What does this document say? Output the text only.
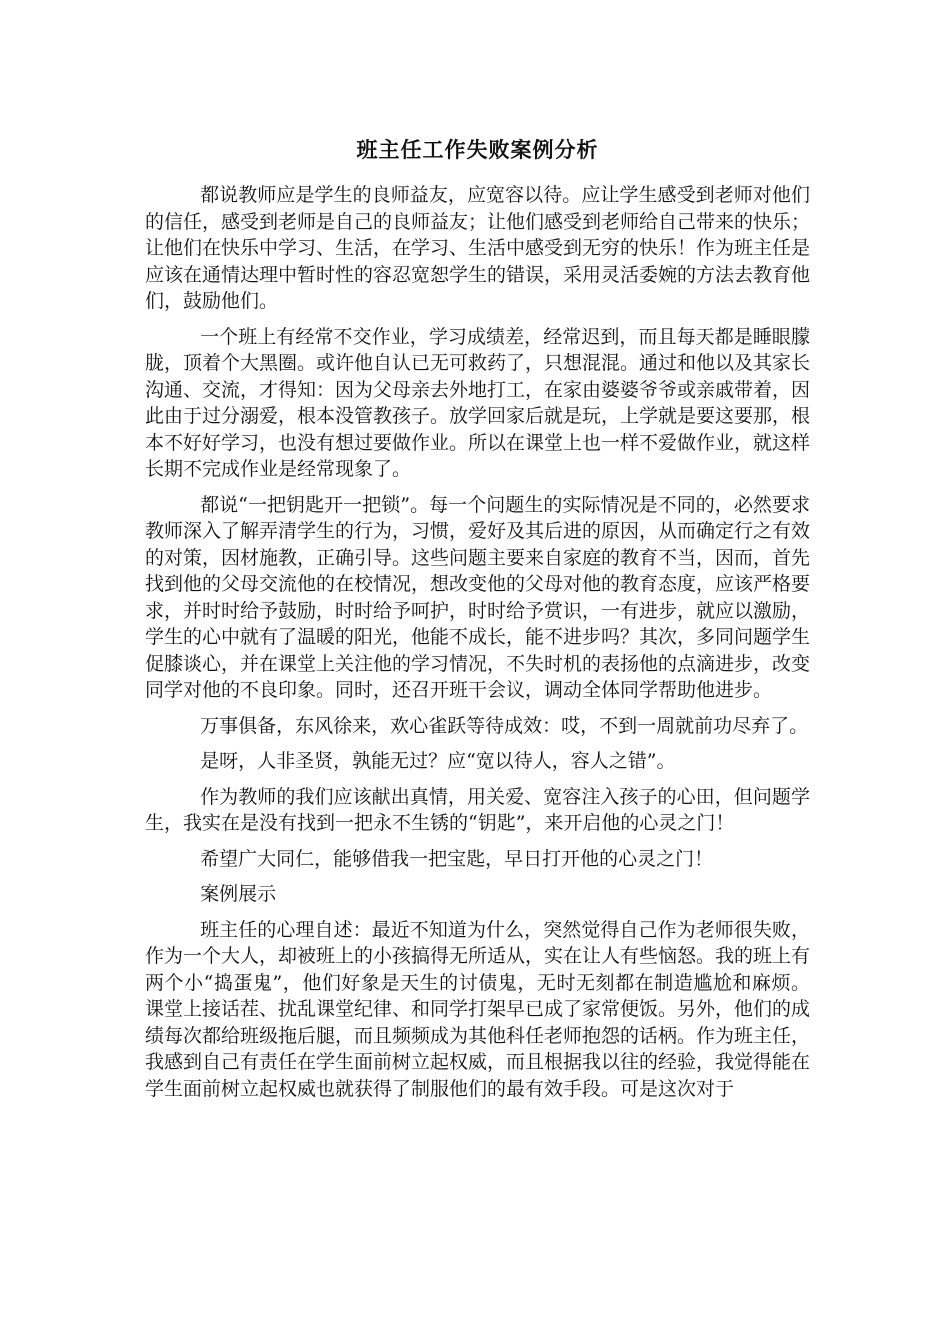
班主任工作失败案例分析

都说教师应是学生的良师益友，应宽容以待。应让学生感受到老师对他们的信任，感受到老师是自己的良师益友；让他们感受到老师给自己带来的快乐；让他们在快乐中学习、生活，在学习、生活中感受到无穷的快乐！作为班主任是应该在通情达理中暂时性的容忍宽恕学生的错误，采用灵活委婉的方法去教育他们，鼓励他们。

一个班上有经常不交作业，学习成绩差，经常迟到，而且每天都是睡眼朦胧，顶着个大黑圈。或许他自认已无可救药了，只想混混。通过和他以及其家长沟通、交流，才得知：因为父母亲去外地打工，在家由婆婆爷爷或亲戚带着，因此由于过分溺爱，根本没管教孩子。放学回家后就是玩，上学就是要这要那，根本不好好学习，也没有想过要做作业。所以在课堂上也一样不爱做作业，就这样长期不完成作业是经常现象了。

都说“一把钥匙开一把锁”。每一个问题生的实际情况是不同的，必然要求教师深入了解弄清学生的行为，习惯，爱好及其后进的原因，从而确定行之有效的对策，因材施教，正确引导。这些问题主要来自家庭的教育不当，因而，首先找到他的父母交流他的在校情况，想改变他的父母对他的教育态度，应该严格要求，并时时给予鼓励，时时给予呵护，时时给予赏识，一有进步，就应以激励，学生的心中就有了温暖的阳光，他能不成长，能不进步吗？其次，多同问题学生促膝谈心，并在课堂上关注他的学习情况，不失时机的表扬他的点滴进步，改变同学对他的不良印象。同时，还召开班干会议，调动全体同学帮助他进步。

万事俱备，东风徐来，欢心雀跃等待成效：哎，不到一周就前功尽弃了。

是呀，人非圣贤，孰能无过？应“宽以待人，容人之错”。

作为教师的我们应该献出真情，用关爱、宽容注入孩子的心田，但问题学生，我实在是没有找到一把永不生锈的“钥匙”，来开启他的心灵之门！

希望广大同仁，能够借我一把宝匙，早日打开他的心灵之门！

案例展示

班主任的心理自述：最近不知道为什么，突然觉得自己作为老师很失败，作为一个大人，却被班上的小孩搞得无所适从，实在让人有些恼怒。我的班上有两个小“捣蛋鬼”，他们好象是天生的讨债鬼，无时无刻都在制造尴尬和麻烦。课堂上接话茬、扰乱课堂纪律、和同学打架早已成了家常便饭。另外，他们的成绩每次都给班级拖后腿，而且频频成为其他科任老师抱怨的话柄。作为班主任，我感到自己有责任在学生面前树立起权威，而且根据我以往的经验，我觉得能在学生面前树立起权威也就获得了制服他们的最有效手段。可是这次对于
